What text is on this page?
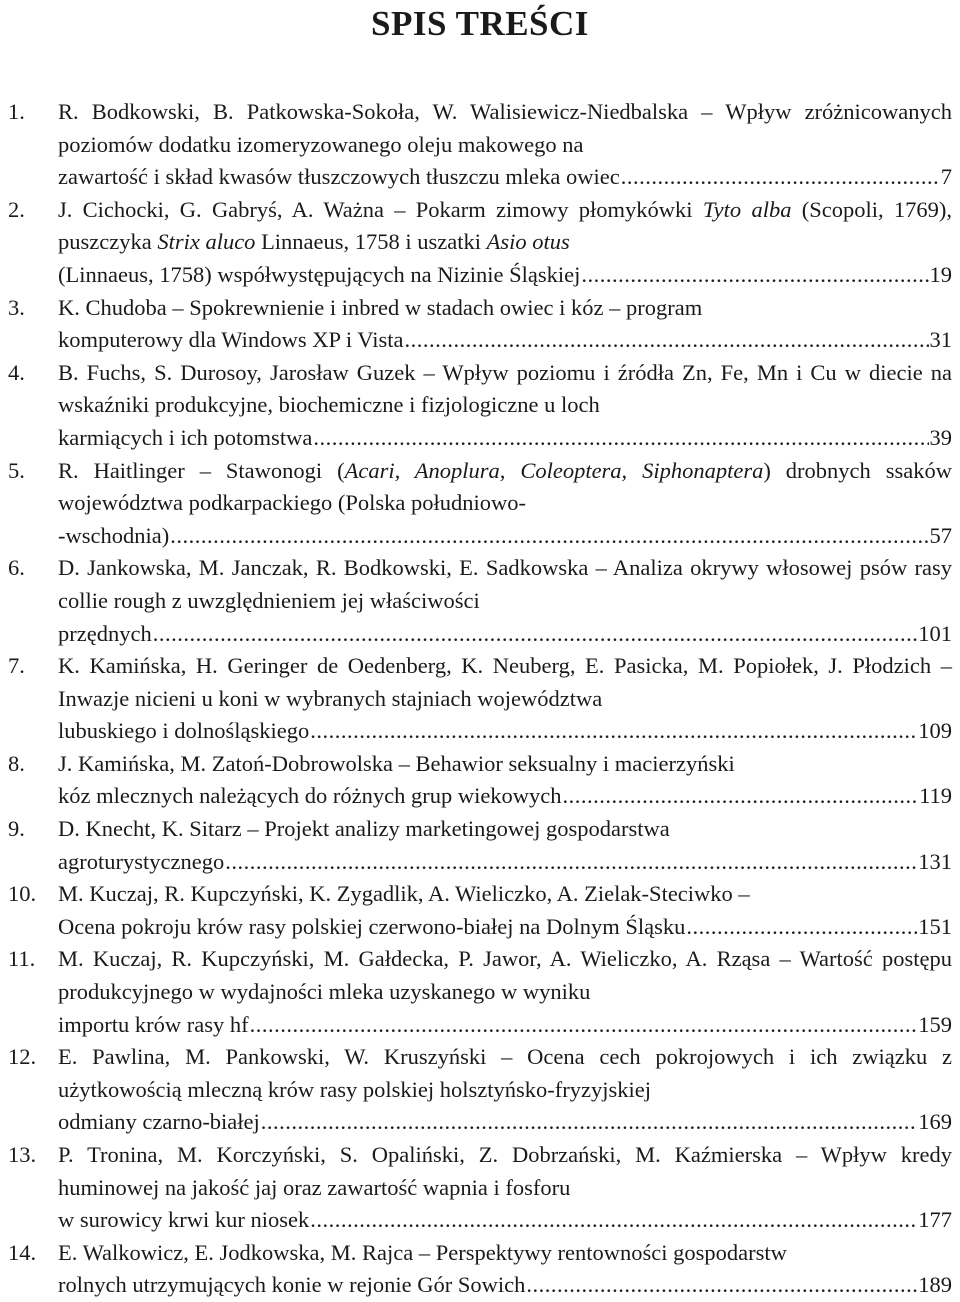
SPIS TREŚCI
1. R. Bodkowski, B. Patkowska-Sokoła, W. Walisiewicz-Niedbalska – Wpływ zróżnicowanych poziomów dodatku izomeryzowanego oleju makowego na
zawartość i skład kwasów tłuszczowych tłuszczu mleka owiec .....	7
2. J. Cichocki, G. Gabryś, A. Ważna – Pokarm zimowy płomykówki Tyto alba (Scopoli, 1769), puszczyka Strix aluco Linnaeus, 1758 i uszatki Asio otus
(Linnaeus, 1758) współwystępujących na Nizinie Śląskiej .....	19
3. K. Chudoba – Spokrewnienie i inbred w stadach owiec i kóz – program
komputerowy dla Windows XP i Vista .....	31
4. B. Fuchs, S. Durosoy, Jarosław Guzek – Wpływ poziomu i źródła Zn, Fe, Mn i Cu w diecie na wskaźniki produkcyjne, biochemiczne i fizjologiczne u loch
karmiących i ich potomstwa .....	39
5. R. Haitlinger – Stawonogi (Acari, Anoplura, Coleoptera, Siphonaptera) drobnych ssaków województwa podkarpackiego (Polska południowo-
-wschodnia) .....	57
6. D. Jankowska, M. Janczak, R. Bodkowski, E. Sadkowska – Analiza okrywy włosowej psów rasy collie rough z uwzględnieniem jej właściwości
przędnych .....	101
7. K. Kamińska, H. Geringer de Oedenberg, K. Neuberg, E. Pasicka, M. Popiołek, J. Płodzich – Inwazje nicieni u koni w wybranych stajniach województwa
lubuskiego i dolnośląskiego .....	109
8. J. Kamińska, M. Zatoń-Dobrowolska – Behawior seksualny i macierzyński
kóz mlecznych należących do różnych grup wiekowych .....	119
9. D. Knecht, K. Sitarz – Projekt analizy marketingowej gospodarstwa
agroturystycznego .....	131
10. M. Kuczaj, R. Kupczyński, K. Zygadlik, A. Wieliczko, A. Zielak-Steciwko –
Ocena pokroju krów rasy polskiej czerwono-białej na Dolnym Śląsku .....	151
11. M. Kuczaj, R. Kupczyński, M. Gałdecka, P. Jawor, A. Wieliczko, A. Rząsa – Wartość postępu produkcyjnego w wydajności mleka uzyskanego w wyniku
importu krów rasy hf .....	159
12. E. Pawlina, M. Pankowski, W. Kruszyński – Ocena cech pokrojowych i ich związku z użytkowością mleczną krów rasy polskiej holsztyńsko-fryzyjskiej
odmiany czarno-białej .....	169
13. P. Tronina, M. Korczyński, S. Opaliński, Z. Dobrzański, M. Kaźmierska – Wpływ kredy huminowej na jakość jaj oraz zawartość wapnia i fosforu
w surowicy krwi kur niosek .....	177
14. E. Walkowicz, E. Jodkowska, M. Rajca – Perspektywy rentowności gospodarstw
rolnych utrzymujących konie w rejonie Gór Sowich .....	189
